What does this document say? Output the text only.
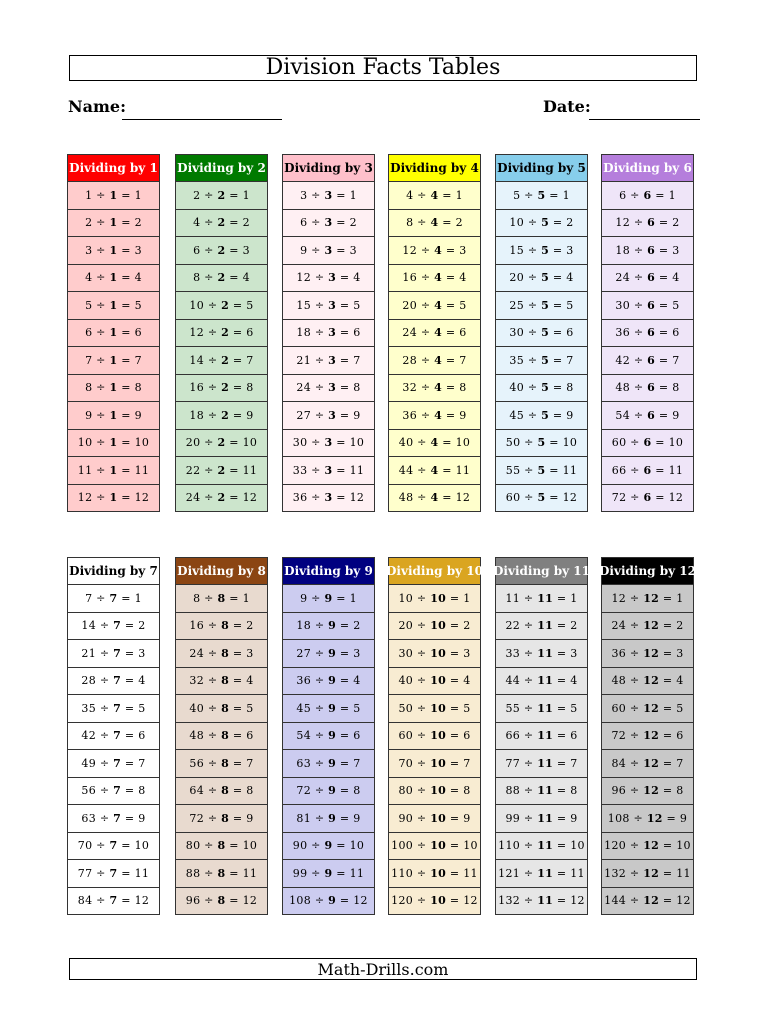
Division Facts Tables
Name:	Date:
Dividing by 1
1 ÷ 1 = 1
2 ÷ 1 = 2
3 ÷ 1 = 3
4 ÷ 1 = 4
5 ÷ 1 = 5
6 ÷ 1 = 6
7 ÷ 1 = 7
8 ÷ 1 = 8
9 ÷ 1 = 9
10 ÷ 1 = 10
11 ÷ 1 = 11
12 ÷ 1 = 12
Dividing by 2
2 ÷ 2 = 1
4 ÷ 2 = 2
6 ÷ 2 = 3
8 ÷ 2 = 4
10 ÷ 2 = 5
12 ÷ 2 = 6
14 ÷ 2 = 7
16 ÷ 2 = 8
18 ÷ 2 = 9
20 ÷ 2 = 10
22 ÷ 2 = 11
24 ÷ 2 = 12
Dividing by 3
3 ÷ 3 = 1
6 ÷ 3 = 2
9 ÷ 3 = 3
12 ÷ 3 = 4
15 ÷ 3 = 5
18 ÷ 3 = 6
21 ÷ 3 = 7
24 ÷ 3 = 8
27 ÷ 3 = 9
30 ÷ 3 = 10
33 ÷ 3 = 11
36 ÷ 3 = 12
Dividing by 4
4 ÷ 4 = 1
8 ÷ 4 = 2
12 ÷ 4 = 3
16 ÷ 4 = 4
20 ÷ 4 = 5
24 ÷ 4 = 6
28 ÷ 4 = 7
32 ÷ 4 = 8
36 ÷ 4 = 9
40 ÷ 4 = 10
44 ÷ 4 = 11
48 ÷ 4 = 12
Dividing by 5
5 ÷ 5 = 1
10 ÷ 5 = 2
15 ÷ 5 = 3
20 ÷ 5 = 4
25 ÷ 5 = 5
30 ÷ 5 = 6
35 ÷ 5 = 7
40 ÷ 5 = 8
45 ÷ 5 = 9
50 ÷ 5 = 10
55 ÷ 5 = 11
60 ÷ 5 = 12
Dividing by 6
6 ÷ 6 = 1
12 ÷ 6 = 2
18 ÷ 6 = 3
24 ÷ 6 = 4
30 ÷ 6 = 5
36 ÷ 6 = 6
42 ÷ 6 = 7
48 ÷ 6 = 8
54 ÷ 6 = 9
60 ÷ 6 = 10
66 ÷ 6 = 11
72 ÷ 6 = 12
Dividing by 7
7 ÷ 7 = 1
14 ÷ 7 = 2
21 ÷ 7 = 3
28 ÷ 7 = 4
35 ÷ 7 = 5
42 ÷ 7 = 6
49 ÷ 7 = 7
56 ÷ 7 = 8
63 ÷ 7 = 9
70 ÷ 7 = 10
77 ÷ 7 = 11
84 ÷ 7 = 12
Dividing by 8
8 ÷ 8 = 1
16 ÷ 8 = 2
24 ÷ 8 = 3
32 ÷ 8 = 4
40 ÷ 8 = 5
48 ÷ 8 = 6
56 ÷ 8 = 7
64 ÷ 8 = 8
72 ÷ 8 = 9
80 ÷ 8 = 10
88 ÷ 8 = 11
96 ÷ 8 = 12
Dividing by 9
9 ÷ 9 = 1
18 ÷ 9 = 2
27 ÷ 9 = 3
36 ÷ 9 = 4
45 ÷ 9 = 5
54 ÷ 9 = 6
63 ÷ 9 = 7
72 ÷ 9 = 8
81 ÷ 9 = 9
90 ÷ 9 = 10
99 ÷ 9 = 11
108 ÷ 9 = 12
Dividing by 10
10 ÷ 10 = 1
20 ÷ 10 = 2
30 ÷ 10 = 3
40 ÷ 10 = 4
50 ÷ 10 = 5
60 ÷ 10 = 6
70 ÷ 10 = 7
80 ÷ 10 = 8
90 ÷ 10 = 9
100 ÷ 10 = 10
110 ÷ 10 = 11
120 ÷ 10 = 12
Dividing by 11
11 ÷ 11 = 1
22 ÷ 11 = 2
33 ÷ 11 = 3
44 ÷ 11 = 4
55 ÷ 11 = 5
66 ÷ 11 = 6
77 ÷ 11 = 7
88 ÷ 11 = 8
99 ÷ 11 = 9
110 ÷ 11 = 10
121 ÷ 11 = 11
132 ÷ 11 = 12
Dividing by 12
12 ÷ 12 = 1
24 ÷ 12 = 2
36 ÷ 12 = 3
48 ÷ 12 = 4
60 ÷ 12 = 5
72 ÷ 12 = 6
84 ÷ 12 = 7
96 ÷ 12 = 8
108 ÷ 12 = 9
120 ÷ 12 = 10
132 ÷ 12 = 11
144 ÷ 12 = 12
Math-Drills.com
